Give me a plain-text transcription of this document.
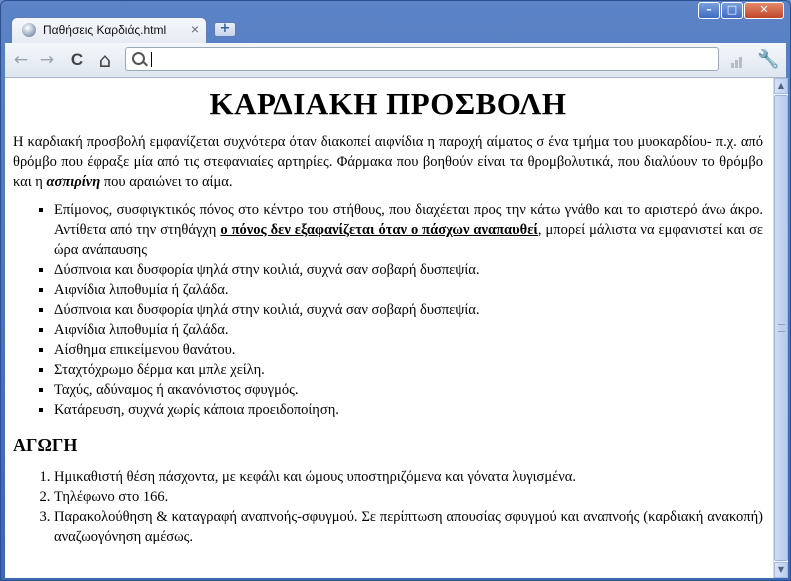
Παθήσεις Καρδιάς.html ×	+
–	□	✕
← → C ⌂	🔧
ΚΑΡΔΙΑΚΗ ΠΡΟΣΒΟΛΗ

Η καρδιακή προσβολή εμφανίζεται συχνότερα όταν διακοπεί αιφνίδια η παροχή αίματος σ ένα τμήμα του μυοκαρδίου- π.χ. από θρόμβο που έφραξε μία από τις στεφανιαίες αρτηρίες. Φάρμακα που βοηθούν είναι τα θρομβολυτικά, που διαλύουν το θρόμβο και η ασπιρίνη που αραιώνει το αίμα.

▪ Επίμονος, συσφιγκτικός πόνος στο κέντρο του στήθους, που διαχέεται προς την κάτω γνάθο και το αριστερό άνω άκρο. Αντίθετα από την στηθάγχη ο πόνος δεν εξαφανίζεται όταν ο πάσχων αναπαυθεί, μπορεί μάλιστα να εμφανιστεί και σε ώρα ανάπαυσης
▪ Δύσπνοια και δυσφορία ψηλά στην κοιλιά, συχνά σαν σοβαρή δυσπεψία.
▪ Αιφνίδια λιποθυμία ή ζαλάδα.
▪ Δύσπνοια και δυσφορία ψηλά στην κοιλιά, συχνά σαν σοβαρή δυσπεψία.
▪ Αιφνίδια λιποθυμία ή ζαλάδα.
▪ Αίσθημα επικείμενου θανάτου.
▪ Σταχτόχρωμο δέρμα και μπλε χείλη.
▪ Ταχύς, αδύναμος ή ακανόνιστος σφυγμός.
▪ Κατάρευση, συχνά χωρίς κάποια προειδοποίηση.
ΑΓΩΓΗ
1. Ημικαθιστή θέση πάσχοντα, με κεφάλι και ώμους υποστηριζόμενα και γόνατα λυγισμένα.
2. Τηλέφωνο στο 166.
3. Παρακολούθηση & καταγραφή αναπνοής-σφυγμού. Σε περίπτωση απουσίας σφυγμού και αναπνοής (καρδιακή ανακοπή) αναζωογόνηση αμέσως.
▲
▼
